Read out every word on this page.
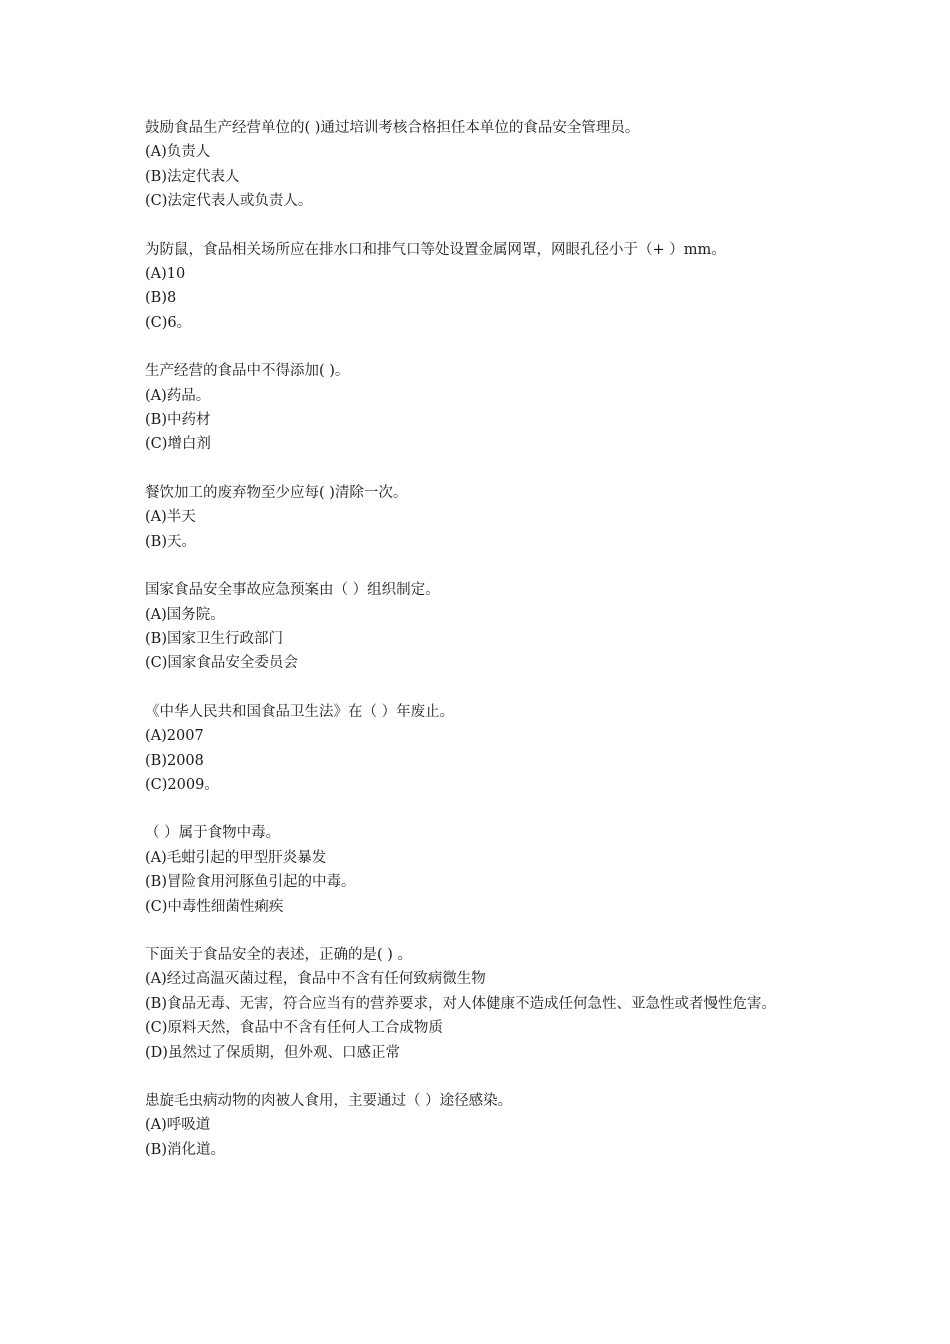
鼓励食品生产经营单位的( )通过培训考核合格担任本单位的食品安全管理员。
(A)负责人
(B)法定代表人
(C)法定代表人或负责人。
为防鼠，食品相关场所应在排水口和排气口等处设置金属网罩，网眼孔径小于（+ ）mm。
(A)10
(B)8
(C)6。
生产经营的食品中不得添加( )。
(A)药品。
(B)中药材
(C)增白剂
餐饮加工的废弃物至少应每( )清除一次。
(A)半天
(B)天。
国家食品安全事故应急预案由（ ）组织制定。
(A)国务院。
(B)国家卫生行政部门
(C)国家食品安全委员会
《中华人民共和国食品卫生法》在（ ）年废止。
(A)2007
(B)2008
(C)2009。
（ ）属于食物中毒。
(A)毛蚶引起的甲型肝炎暴发
(B)冒险食用河豚鱼引起的中毒。
(C)中毒性细菌性痢疾
下面关于食品安全的表述，正确的是( ) 。
(A)经过高温灭菌过程，食品中不含有任何致病微生物
(B)食品无毒、无害，符合应当有的营养要求，对人体健康不造成任何急性、亚急性或者慢性危害。
(C)原料天然，食品中不含有任何人工合成物质
(D)虽然过了保质期，但外观、口感正常
患旋毛虫病动物的肉被人食用，主要通过（ ）途径感染。
(A)呼吸道
(B)消化道。
